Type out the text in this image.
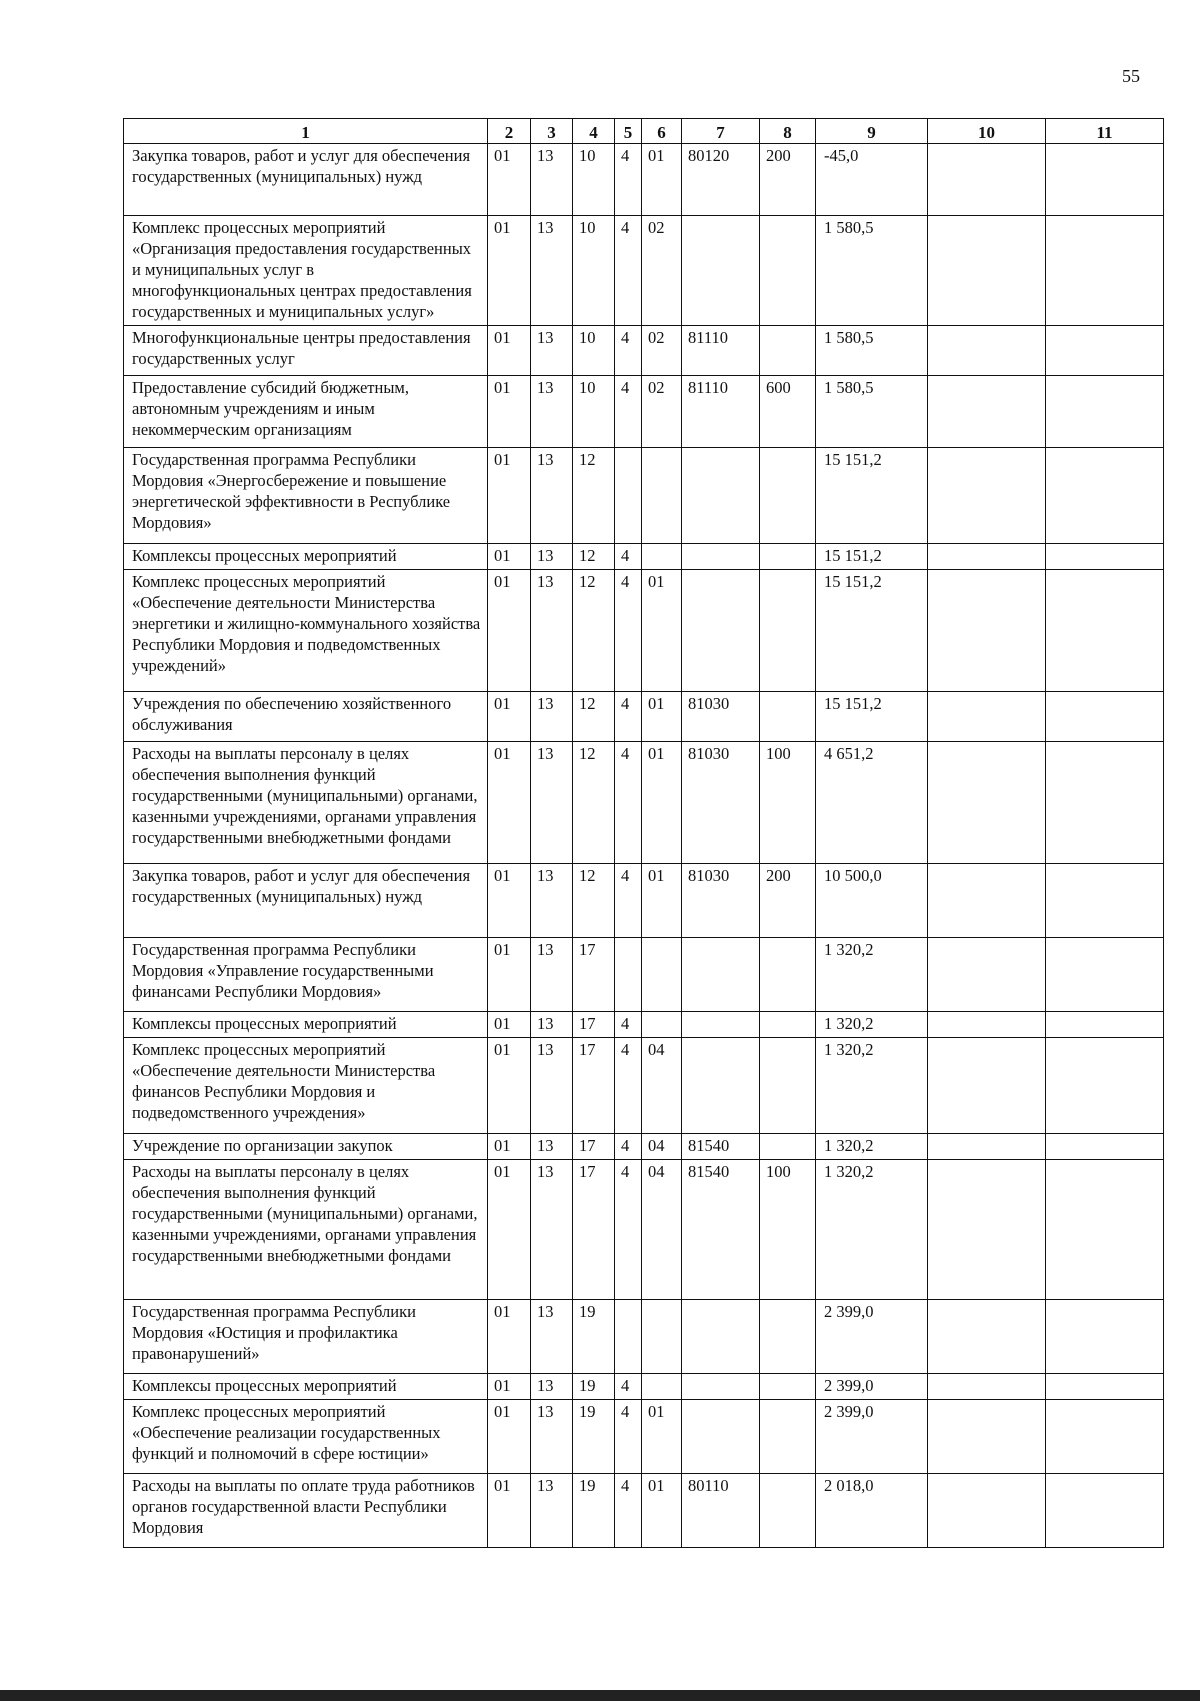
55
1	2	3	4	5	6	7	8	9	10	11
Закупка товаров, работ и услуг для обеспечения государственных (муниципальных) нужд	01	13	10	4	01	80120	200	-45,0		
Комплекс процессных мероприятий «Организация предоставления государственных и муниципальных услуг в многофункциональных центрах предоставления государственных и муниципальных услуг»	01	13	10	4	02			1 580,5		
Многофункциональные центры предоставления государственных услуг	01	13	10	4	02	81110		1 580,5		
Предоставление субсидий бюджетным, автономным учреждениям и иным некоммерческим организациям	01	13	10	4	02	81110	600	1 580,5		
Государственная программа Республики Мордовия «Энергосбережение и повышение энергетической эффективности в Республике Мордовия»	01	13	12					15 151,2		
Комплексы процессных мероприятий	01	13	12	4				15 151,2		
Комплекс процессных мероприятий «Обеспечение деятельности Министерства энергетики и жилищно-коммунального хозяйства Республики Мордовия и подведомственных учреждений»	01	13	12	4	01			15 151,2		
Учреждения по обеспечению хозяйственного обслуживания	01	13	12	4	01	81030		15 151,2		
Расходы на выплаты персоналу в целях обеспечения выполнения функций государственными (муниципальными) органами, казенными учреждениями, органами управления государственными внебюджетными фондами	01	13	12	4	01	81030	100	4 651,2		
Закупка товаров, работ и услуг для обеспечения государственных (муниципальных) нужд	01	13	12	4	01	81030	200	10 500,0		
Государственная программа Республики Мордовия «Управление государственными финансами Республики Мордовия»	01	13	17					1 320,2		
Комплексы процессных мероприятий	01	13	17	4				1 320,2		
Комплекс процессных мероприятий «Обеспечение деятельности Министерства финансов Республики Мордовия и подведомственного учреждения»	01	13	17	4	04			1 320,2		
Учреждение по организации закупок	01	13	17	4	04	81540		1 320,2		
Расходы на выплаты персоналу в целях обеспечения выполнения функций государственными (муниципальными) органами, казенными учреждениями, органами управления государственными внебюджетными фондами	01	13	17	4	04	81540	100	1 320,2		
Государственная программа Республики Мордовия «Юстиция и профилактика правонарушений»	01	13	19					2 399,0		
Комплексы процессных мероприятий	01	13	19	4				2 399,0		
Комплекс процессных мероприятий «Обеспечение реализации государственных функций и полномочий в сфере юстиции»	01	13	19	4	01			2 399,0		
Расходы на выплаты по оплате труда работников органов государственной власти Республики Мордовия	01	13	19	4	01	80110		2 018,0		
